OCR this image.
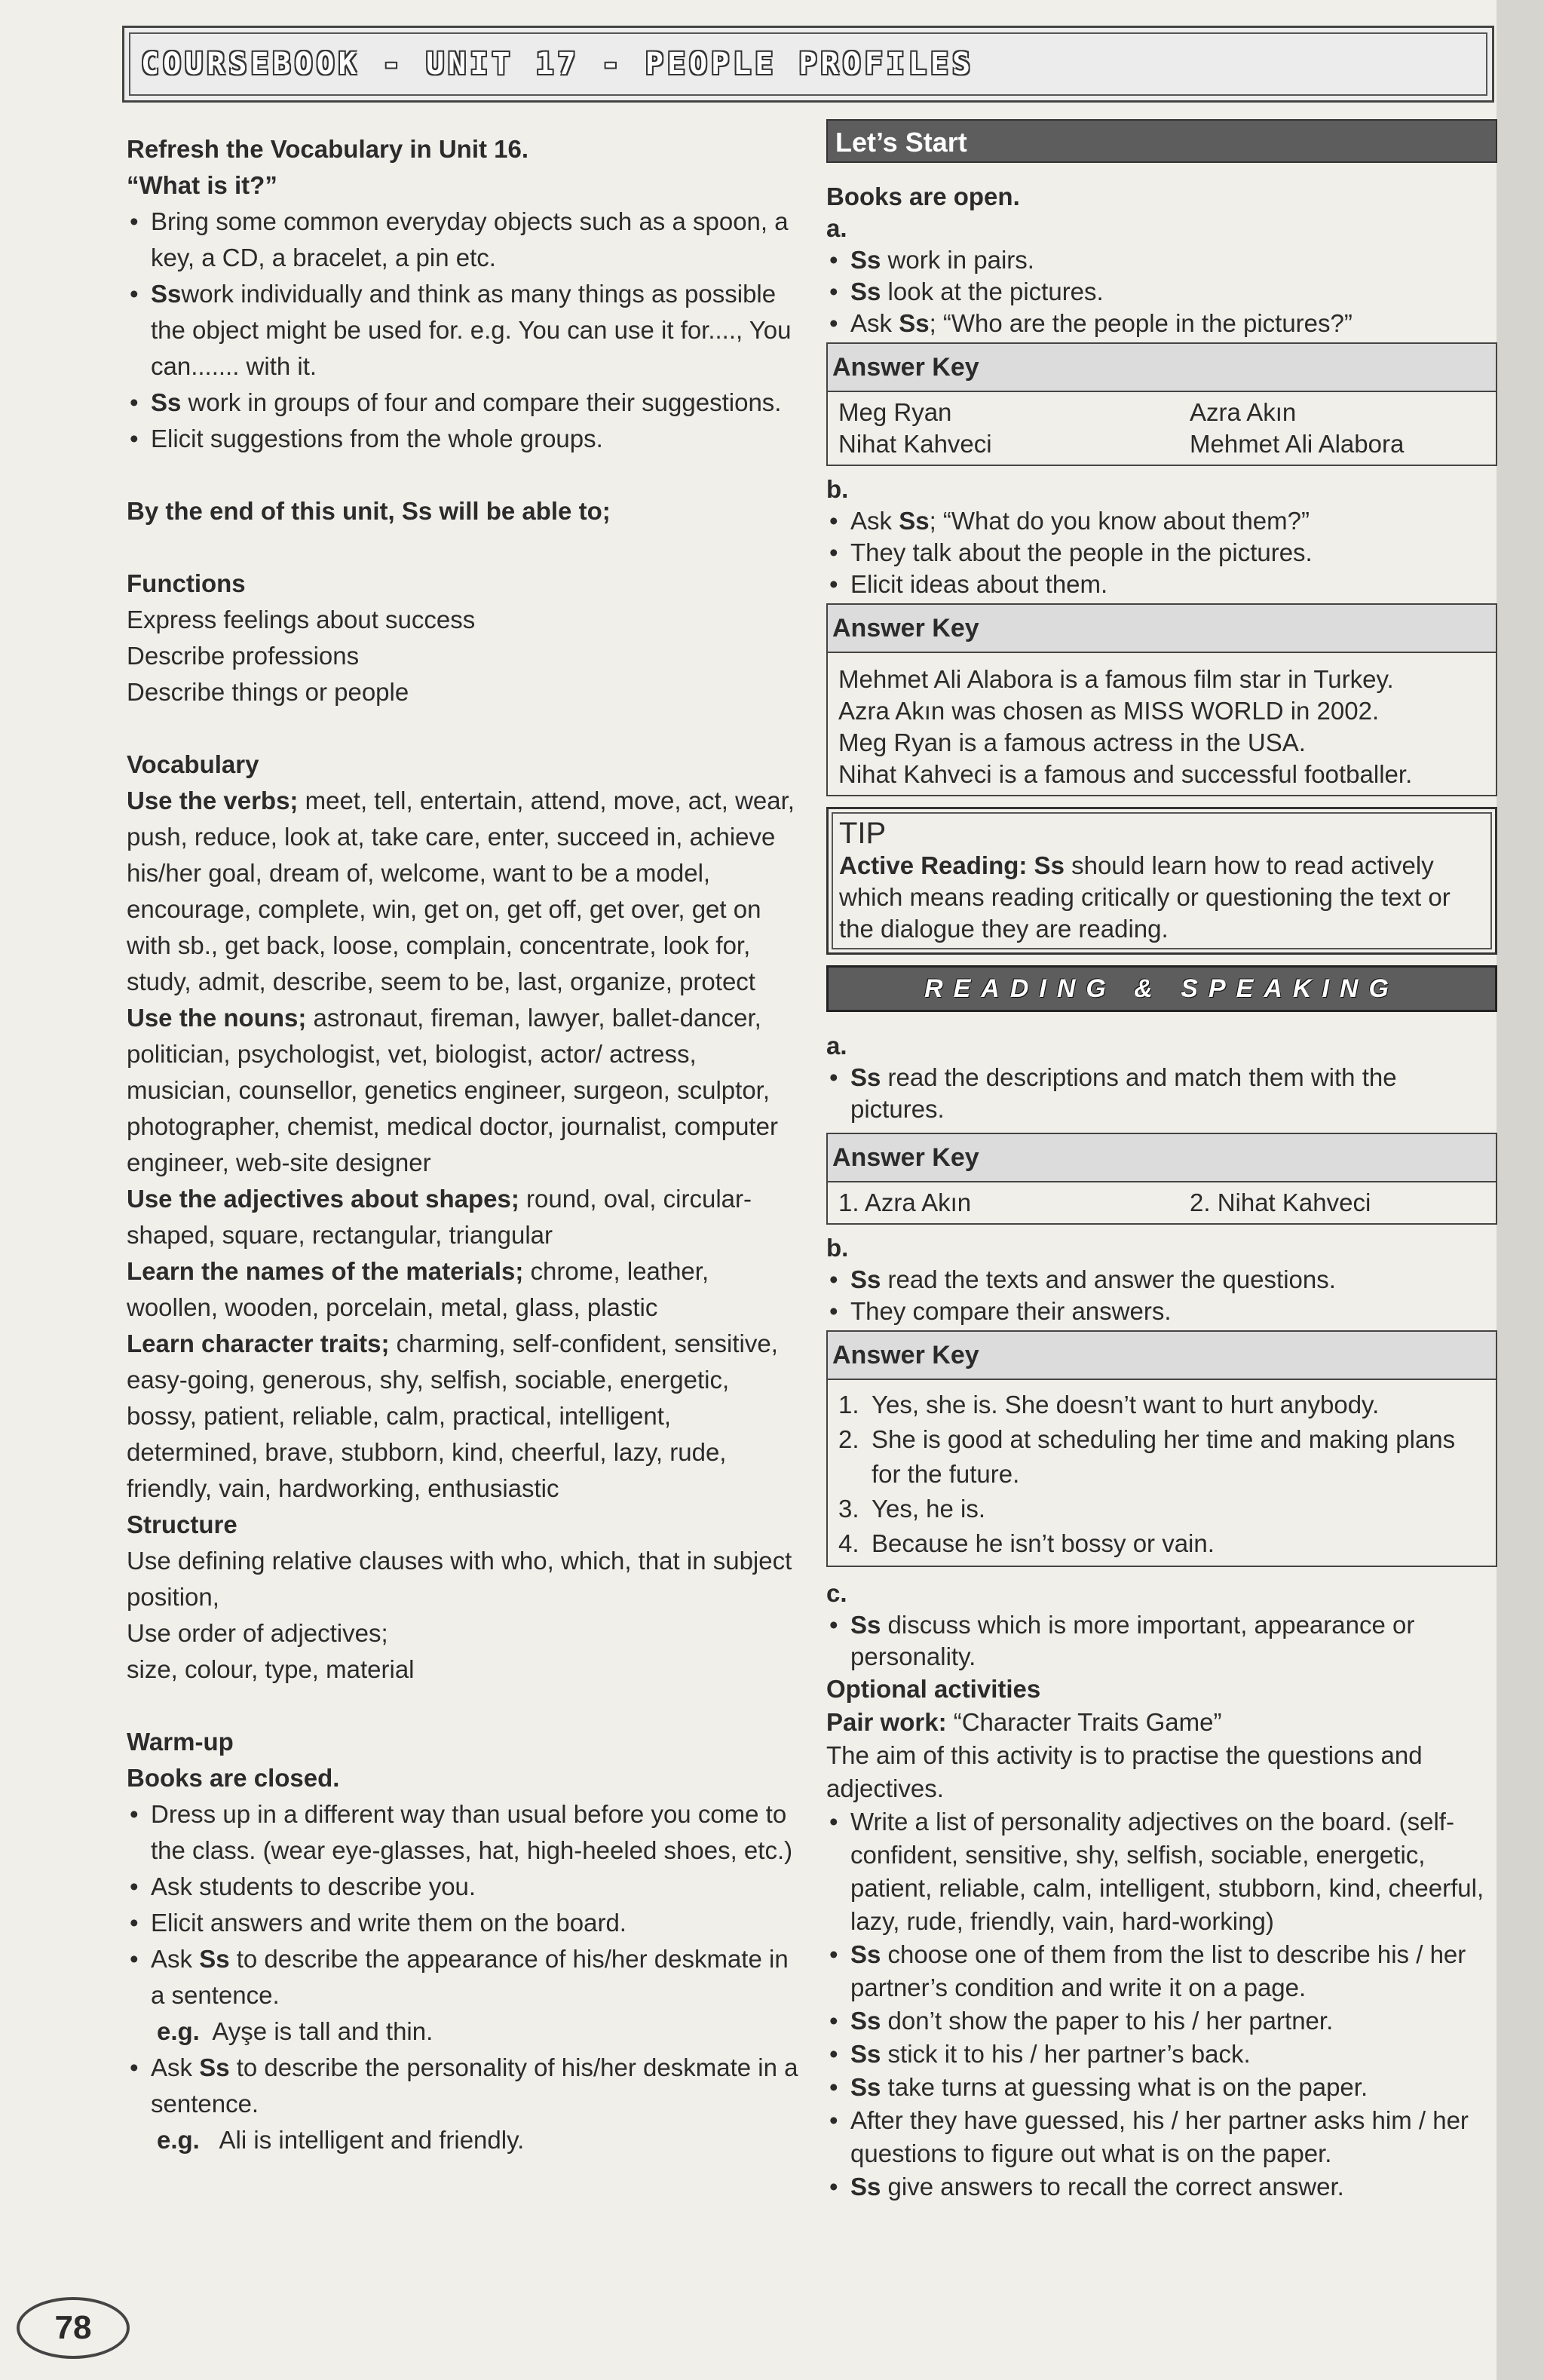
COURSEBOOK - UNIT 17 - PEOPLE PROFILES

Refresh the Vocabulary in Unit 16.

“What is it?”

• Bring some common everyday objects such as a spoon, a key, a CD, a bracelet, a pin etc.
• Sswork individually and think as many things as possible the object might be used for. e.g. You can use it for...., You can....... with it.
• Ss work in groups of four and compare their suggestions.
• Elicit suggestions from the whole groups.

By the end of this unit, Ss will be able to;

Functions

Express feelings about success

Describe professions

Describe things or people

Vocabulary

Use the verbs; meet, tell, entertain, attend, move, act, wear, push, reduce, look at, take care, enter, succeed in, achieve his/her goal, dream of, welcome, want to be a model, encourage, complete, win, get on, get off, get over, get on with sb., get back, loose, complain, concentrate, look for, study, admit, describe, seem to be, last, organize, protect

Use the nouns; astronaut, fireman, lawyer, ballet-dancer, politician, psychologist, vet, biologist, actor/ actress, musician, counsellor, genetics engineer, surgeon, sculptor, photographer, chemist, medical doctor, journalist, computer engineer, web-site designer

Use the adjectives about shapes; round, oval, circular-shaped, square, rectangular, triangular

Learn the names of the materials; chrome, leather, woollen, wooden, porcelain, metal, glass, plastic

Learn character traits; charming, self-confident, sensitive, easy-going, generous, shy, selfish, sociable, energetic, bossy, patient, reliable, calm, practical, intelligent, determined, brave, stubborn, kind, cheerful, lazy, rude, friendly, vain, hardworking, enthusiastic

Structure

Use defining relative clauses with who, which, that in subject position,

Use order of adjectives;

size, colour, type, material

Warm-up

Books are closed.

• Dress up in a different way than usual before you come to the class. (wear eye-glasses, hat, high-heeled shoes, etc.)
• Ask students to describe you.
• Elicit answers and write them on the board.
• Ask Ss to describe the appearance of his/her deskmate in a sentence.

e.g. Ayşe is tall and thin.

• Ask Ss to describe the personality of his/her deskmate in a sentence.

e.g. Ali is intelligent and friendly.

Let’s Start

Books are open.

a.

• Ss work in pairs.
• Ss look at the pictures.
• Ask Ss; “Who are the people in the pictures?”
Answer Key
Meg Ryan	Azra Akın
Nihat Kahveci	Mehmet Ali Alabora

b.

• Ask Ss; “What do you know about them?”
• They talk about the people in the pictures.
• Elicit ideas about them.
Answer Key

Mehmet Ali Alabora is a famous film star in Turkey.

Azra Akın was chosen as MISS WORLD in 2002.

Meg Ryan is a famous actress in the USA.

Nihat Kahveci is a famous and successful footballer.

TIP

Active Reading: Ss should learn how to read actively which means reading critically or questioning the text or the dialogue they are reading.

READING & SPEAKING

a.

• Ss read the descriptions and match them with the pictures.
Answer Key
1. Azra Akın	2. Nihat Kahveci

b.

• Ss read the texts and answer the questions.
• They compare their answers.
Answer Key
1. Yes, she is. She doesn’t want to hurt anybody.
2. She is good at scheduling her time and making plans for the future.
3. Yes, he is.
4. Because he isn’t bossy or vain.

c.

• Ss discuss which is more important, appearance or personality.

Optional activities

Pair work: “Character Traits Game”

The aim of this activity is to practise the questions and adjectives.

• Write a list of personality adjectives on the board. (self-confident, sensitive, shy, selfish, sociable, energetic, patient, reliable, calm, intelligent, stubborn, kind, cheerful, lazy, rude, friendly, vain, hard-working)
• Ss choose one of them from the list to describe his / her partner’s condition and write it on a page.
• Ss don’t show the paper to his / her partner.
• Ss stick it to his / her partner’s back.
• Ss take turns at guessing what is on the paper.
• After they have guessed, his / her partner asks him / her questions to figure out what is on the paper.
• Ss give answers to recall the correct answer.
78
